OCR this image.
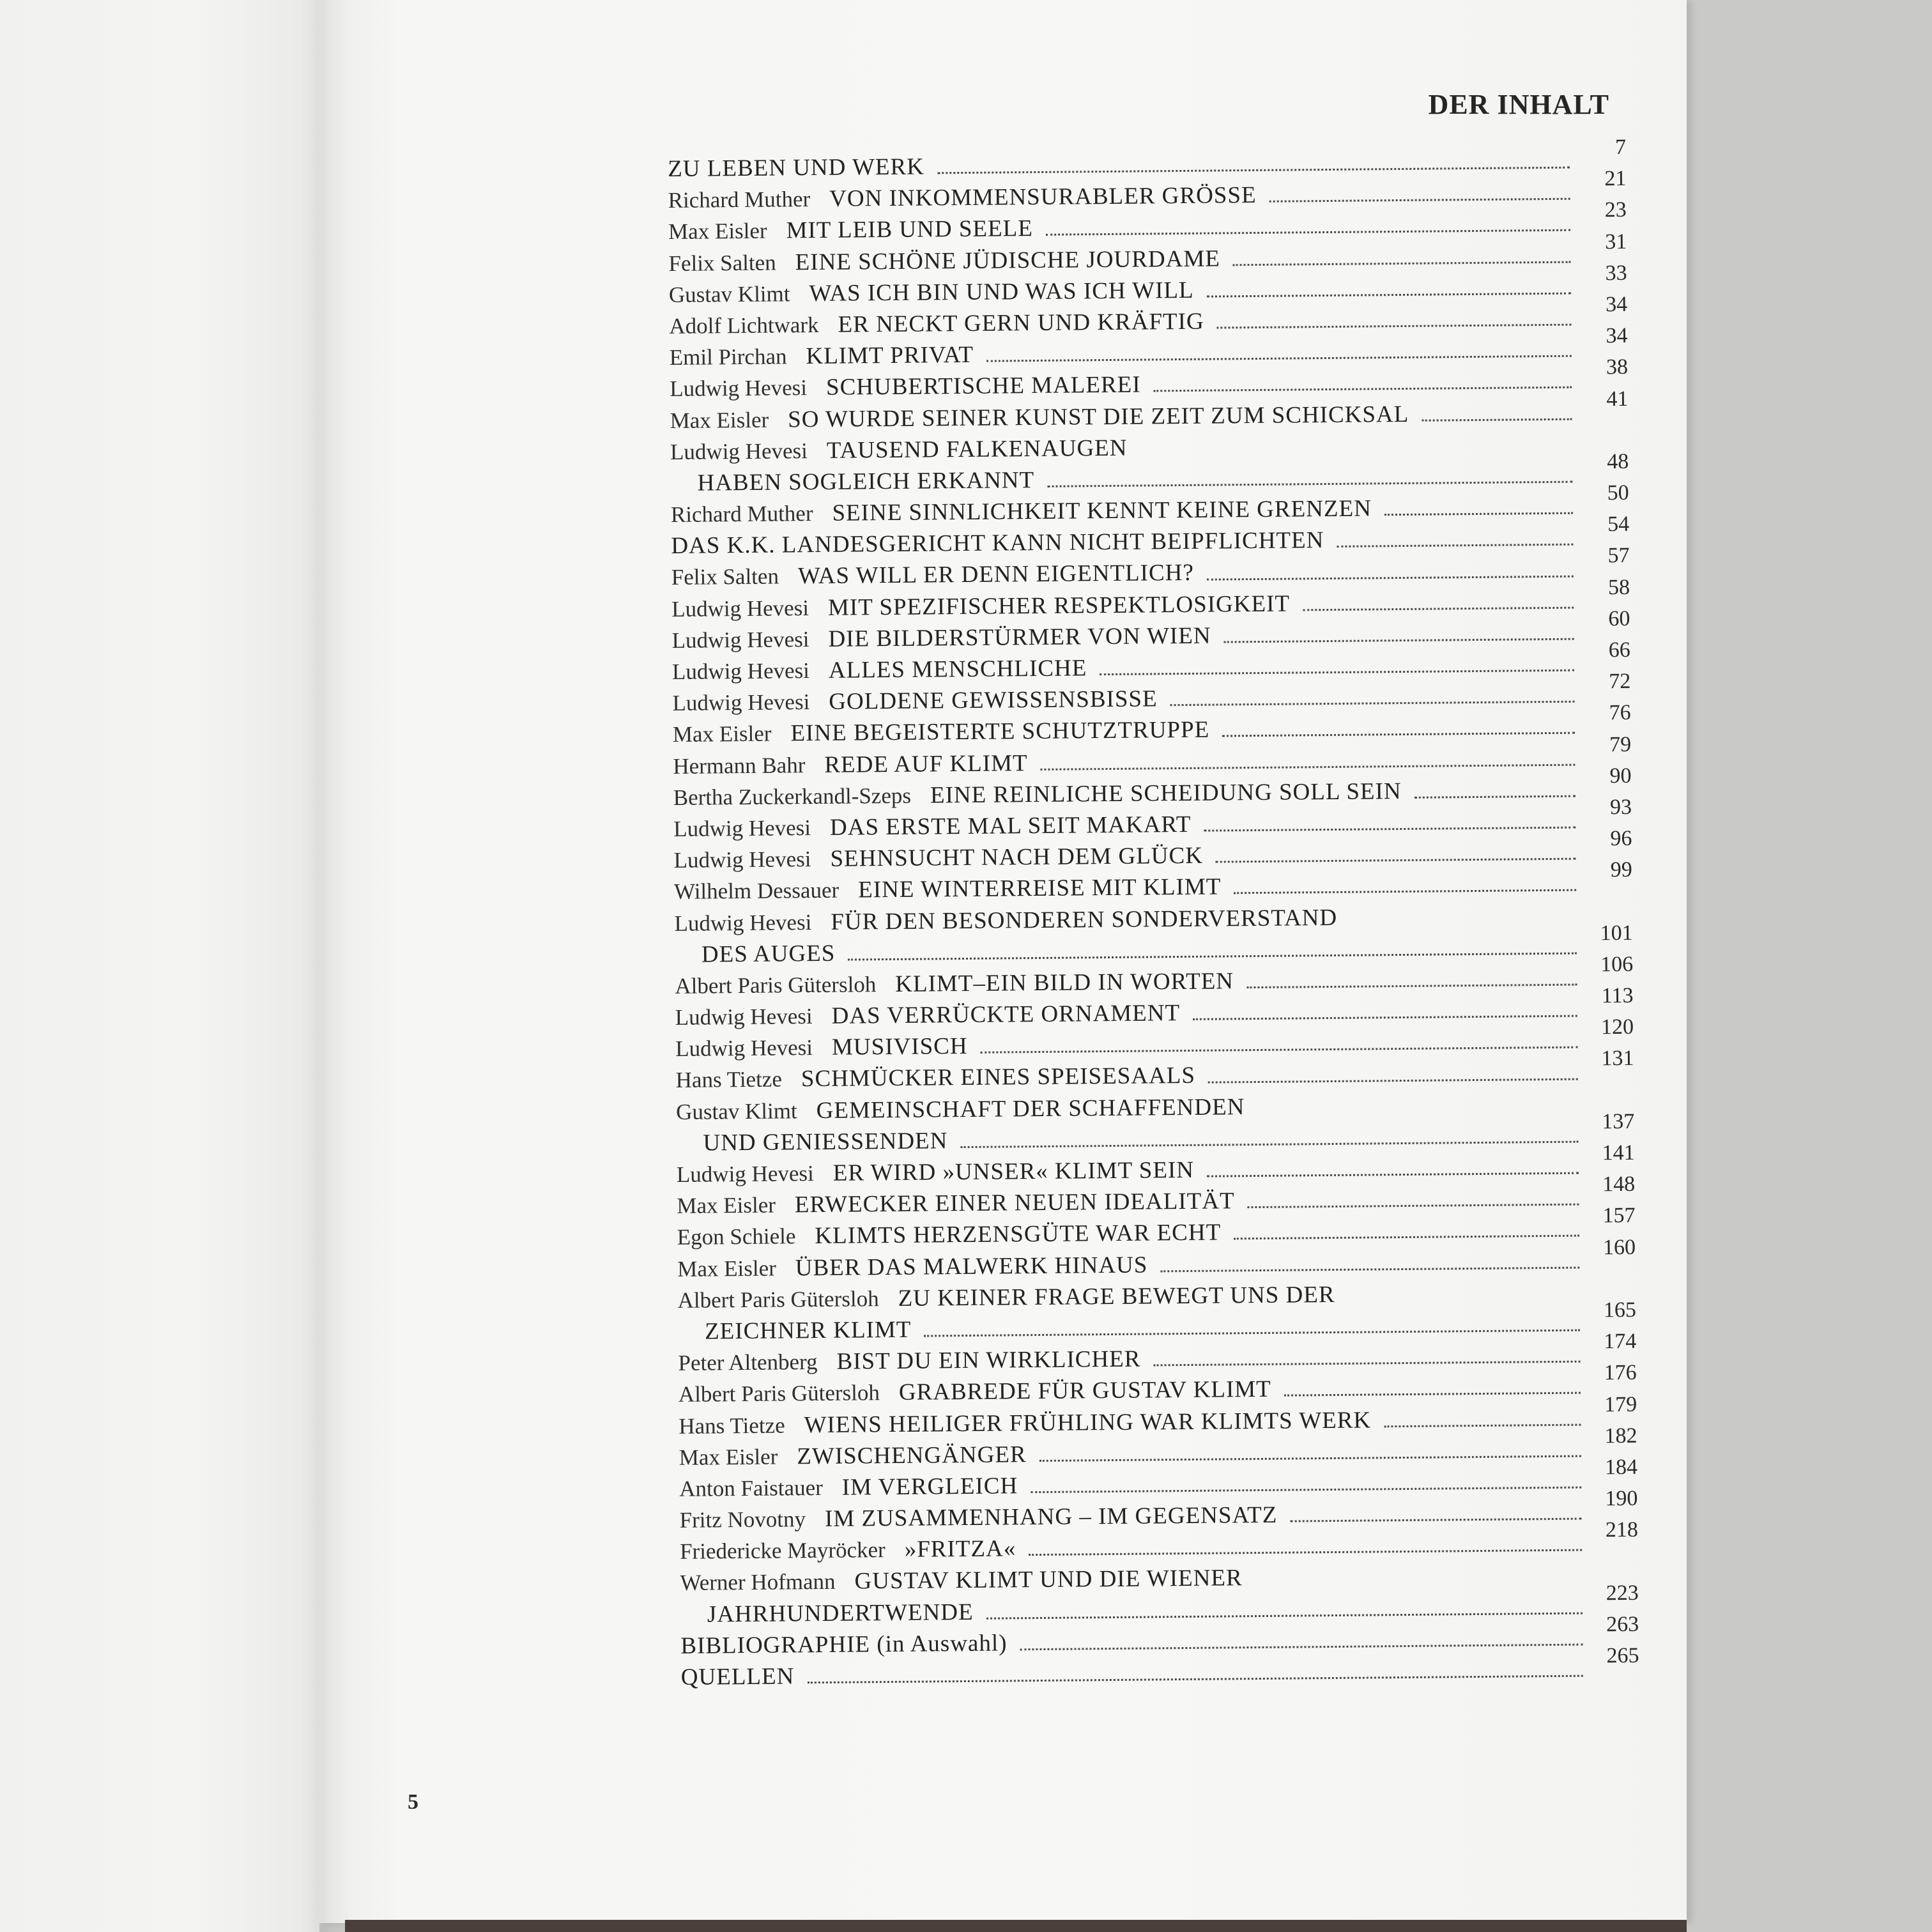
DER INHALT
ZU LEBEN UND WERK
7
Richard Muther VON INKOMMENSURABLER GRÖSSE
21
Max Eisler MIT LEIB UND SEELE
23
Felix Salten EINE SCHÖNE JÜDISCHE JOURDAME
31
Gustav Klimt WAS ICH BIN UND WAS ICH WILL
33
Adolf Lichtwark ER NECKT GERN UND KRÄFTIG
34
Emil Pirchan KLIMT PRIVAT
34
Ludwig Hevesi SCHUBERTISCHE MALEREI
38
Max Eisler SO WURDE SEINER KUNST DIE ZEIT ZUM SCHICKSAL
41
Ludwig Hevesi TAUSEND FALKENAUGEN
HABEN SOGLEICH ERKANNT
48
Richard Muther SEINE SINNLICHKEIT KENNT KEINE GRENZEN
50
DAS K.K. LANDESGERICHT KANN NICHT BEIPFLICHTEN
54
Felix Salten WAS WILL ER DENN EIGENTLICH?
57
Ludwig Hevesi MIT SPEZIFISCHER RESPEKTLOSIGKEIT
58
Ludwig Hevesi DIE BILDERSTÜRMER VON WIEN
60
Ludwig Hevesi ALLES MENSCHLICHE
66
Ludwig Hevesi GOLDENE GEWISSENSBISSE
72
Max Eisler EINE BEGEISTERTE SCHUTZTRUPPE
76
Hermann Bahr REDE AUF KLIMT
79
Bertha Zuckerkandl-Szeps EINE REINLICHE SCHEIDUNG SOLL SEIN
90
Ludwig Hevesi DAS ERSTE MAL SEIT MAKART
93
Ludwig Hevesi SEHNSUCHT NACH DEM GLÜCK
96
Wilhelm Dessauer EINE WINTERREISE MIT KLIMT
99
Ludwig Hevesi FÜR DEN BESONDEREN SONDERVERSTAND
DES AUGES
101
Albert Paris Gütersloh KLIMT–EIN BILD IN WORTEN
106
Ludwig Hevesi DAS VERRÜCKTE ORNAMENT
113
Ludwig Hevesi MUSIVISCH
120
Hans Tietze SCHMÜCKER EINES SPEISESAALS
131
Gustav Klimt GEMEINSCHAFT DER SCHAFFENDEN
UND GENIESSENDEN
137
Ludwig Hevesi ER WIRD »UNSER« KLIMT SEIN
141
Max Eisler ERWECKER EINER NEUEN IDEALITÄT
148
Egon Schiele KLIMTS HERZENSGÜTE WAR ECHT
157
Max Eisler ÜBER DAS MALWERK HINAUS
160
Albert Paris Gütersloh ZU KEINER FRAGE BEWEGT UNS DER
ZEICHNER KLIMT
165
Peter Altenberg BIST DU EIN WIRKLICHER
174
Albert Paris Gütersloh GRABREDE FÜR GUSTAV KLIMT
176
Hans Tietze WIENS HEILIGER FRÜHLING WAR KLIMTS WERK
179
Max Eisler ZWISCHENGÄNGER
182
Anton Faistauer IM VERGLEICH
184
Fritz Novotny IM ZUSAMMENHANG – IM GEGENSATZ
190
Friedericke Mayröcker »FRITZA«
218
Werner Hofmann GUSTAV KLIMT UND DIE WIENER
JAHRHUNDERTWENDE
223
BIBLIOGRAPHIE (in Auswahl)
263
QUELLEN
265
5
